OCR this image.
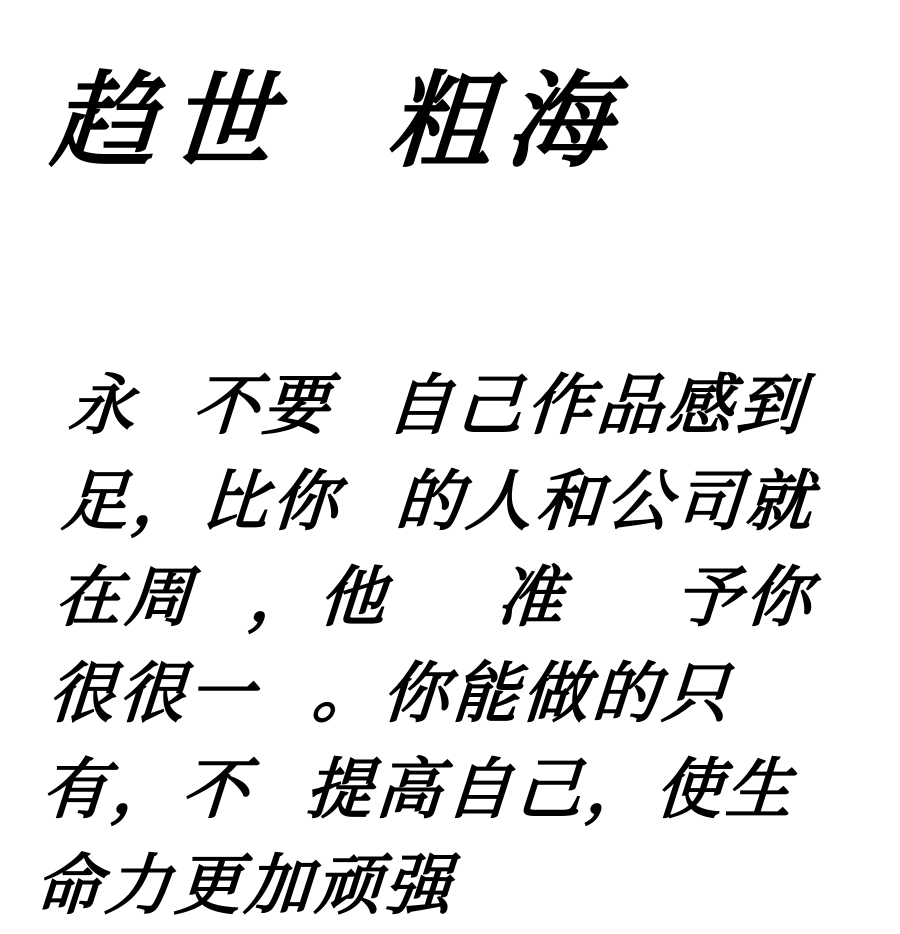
趋世  粗海
永  不要  自己作品感到足，比你  的人和公司就在周  ，他    准    予你很很一  。你能做的只有，不  提高自己，使生命力更加顽强
